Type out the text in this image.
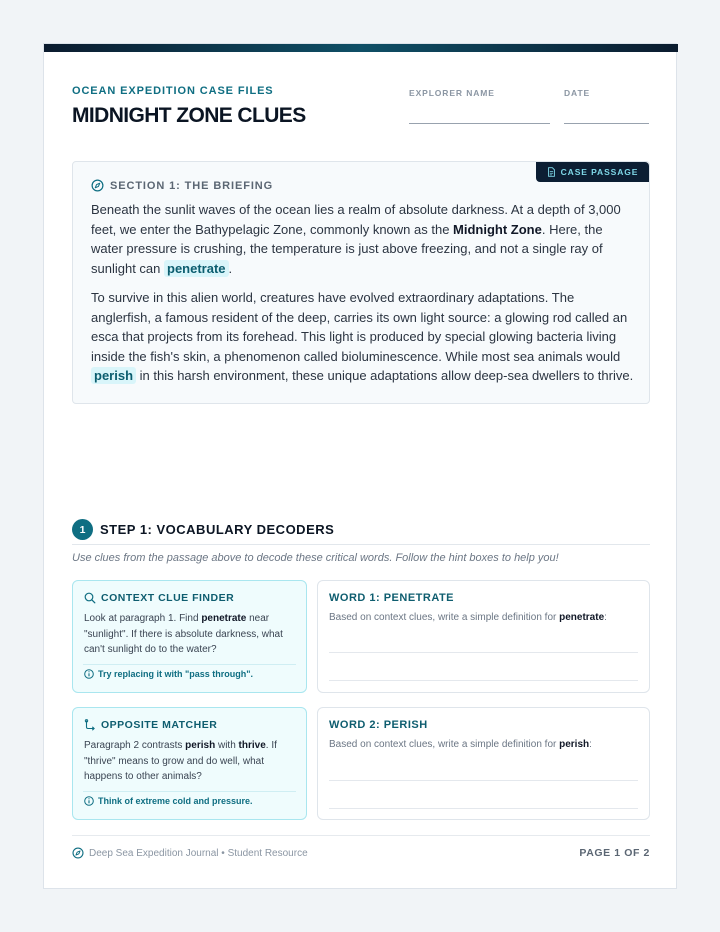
OCEAN EXPEDITION CASE FILES
MIDNIGHT ZONE CLUES
EXPLORER NAME	DATE
CASE PASSAGE
SECTION 1: THE BRIEFING

Beneath the sunlit waves of the ocean lies a realm of absolute darkness. At a depth of 3,000 feet, we enter the Bathypelagic Zone, commonly known as the Midnight Zone. Here, the water pressure is crushing, the temperature is just above freezing, and not a single ray of sunlight can penetrate .

To survive in this alien world, creatures have evolved extraordinary adaptations. The anglerfish, a famous resident of the deep, carries its own light source: a glowing rod called an esca that projects from its forehead. This light is produced by special glowing bacteria living inside the fish's skin, a phenomenon called bioluminescence. While most sea animals would perish in this harsh environment, these unique adaptations allow deep-sea dwellers to thrive.

1	STEP 1: VOCABULARY DECODERS
Use clues from the passage above to decode these critical words. Follow the hint boxes to help you!
CONTEXT CLUE FINDER
Look at paragraph 1. Find penetrate near "sunlight". If there is absolute darkness, what can't sunlight do to the water?
Try replacing it with "pass through".
WORD 1: PENETRATE
Based on context clues, write a simple definition for penetrate:
OPPOSITE MATCHER
Paragraph 2 contrasts perish with thrive. If "thrive" means to grow and do well, what happens to other animals?
Think of extreme cold and pressure.
WORD 2: PERISH
Based on context clues, write a simple definition for perish:
Deep Sea Expedition Journal • Student Resource	PAGE 1 OF 2
